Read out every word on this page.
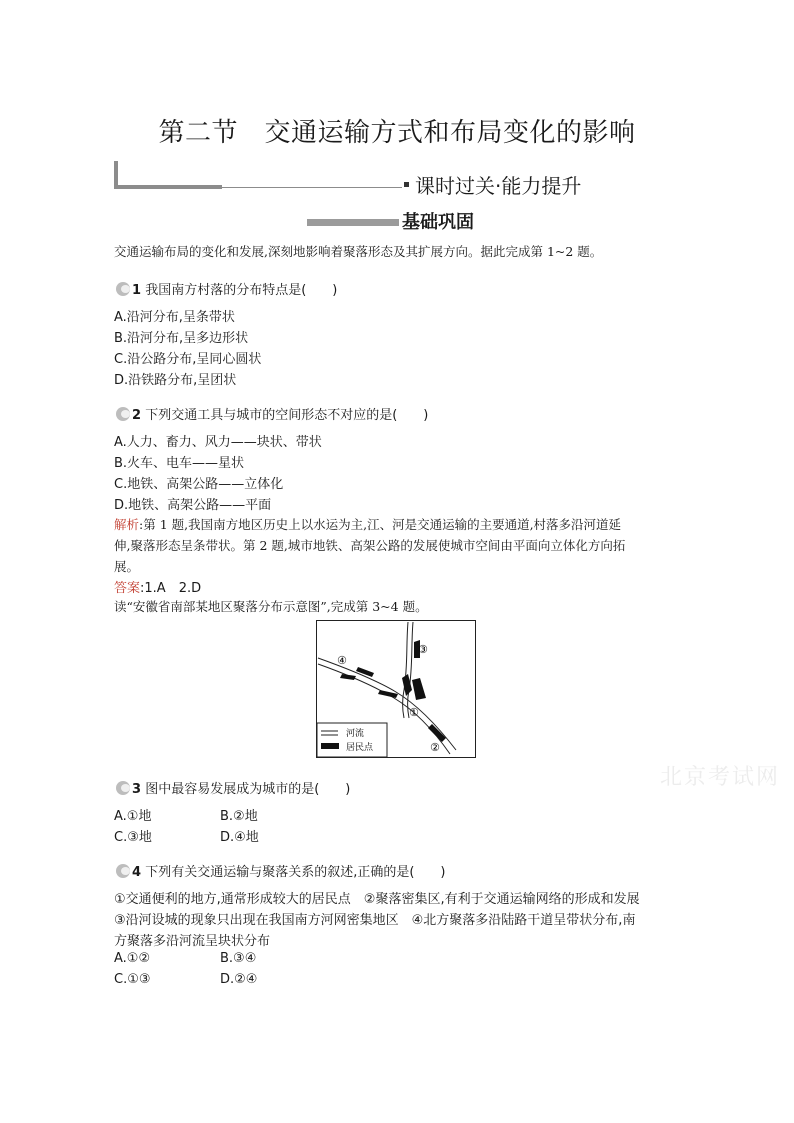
第二节　交通运输方式和布局变化的影响
课时过关·能力提升
基础巩固
交通运输布局的变化和发展,深刻地影响着聚落形态及其扩展方向。据此完成第 1~2 题。
1 我国南方村落的分布特点是(　　)
A.沿河分布,呈条带状
B.沿河分布,呈多边形状
C.沿公路分布,呈同心圆状
D.沿铁路分布,呈团状
2 下列交通工具与城市的空间形态不对应的是(　　)
A.人力、畜力、风力——块状、带状
B.火车、电车——星状
C.地铁、高架公路——立体化
D.地铁、高架公路——平面
解析:第 1 题,我国南方地区历史上以水运为主,江、河是交通运输的主要通道,村落多沿河道延
伸,聚落形态呈条带状。第 2 题,城市地铁、高架公路的发展使城市空间由平面向立体化方向拓
展。
答案:1.A　2.D
读“安徽省南部某地区聚落分布示意图”,完成第 3~4 题。
①
②
③
④
河流
居民点
3 图中最容易发展成为城市的是(　　)
A.①地	B.②地
C.③地	D.④地
4 下列有关交通运输与聚落关系的叙述,正确的是(　　)
①交通便利的地方,通常形成较大的居民点　②聚落密集区,有利于交通运输网络的形成和发展
③沿河设城的现象只出现在我国南方河网密集地区　④北方聚落多沿陆路干道呈带状分布,南
方聚落多沿河流呈块状分布
A.①②	B.③④
C.①③	D.②④
北京考试网
